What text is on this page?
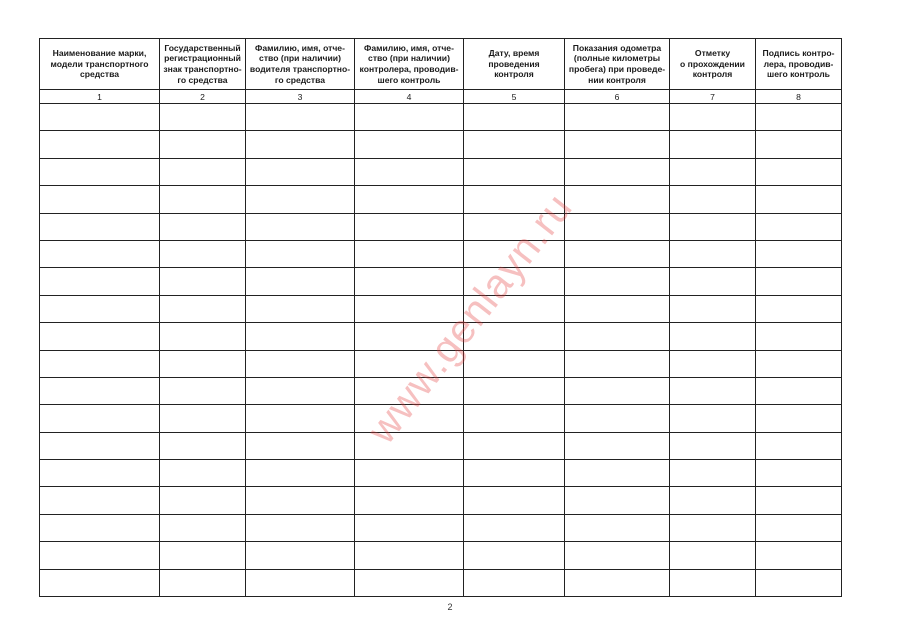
Наименование марки,
модели транспортного
средства	Государственный
регистрационный
знак транспортно-
го средства	Фамилию, имя, отче-
ство (при наличии)
водителя транспортно-
го средства	Фамилию, имя, отче-
ство (при наличии)
контролера, проводив-
шего контроль	Дату, время
проведения
контроля	Показания одометра
(полные километры
пробега) при проведе-
нии контроля	Отметку
о прохождении
контроля	Подпись контро-
лера, проводив-
шего контроль
1	2	3	4	5	6	7	8

www.genlayn.ru
2
